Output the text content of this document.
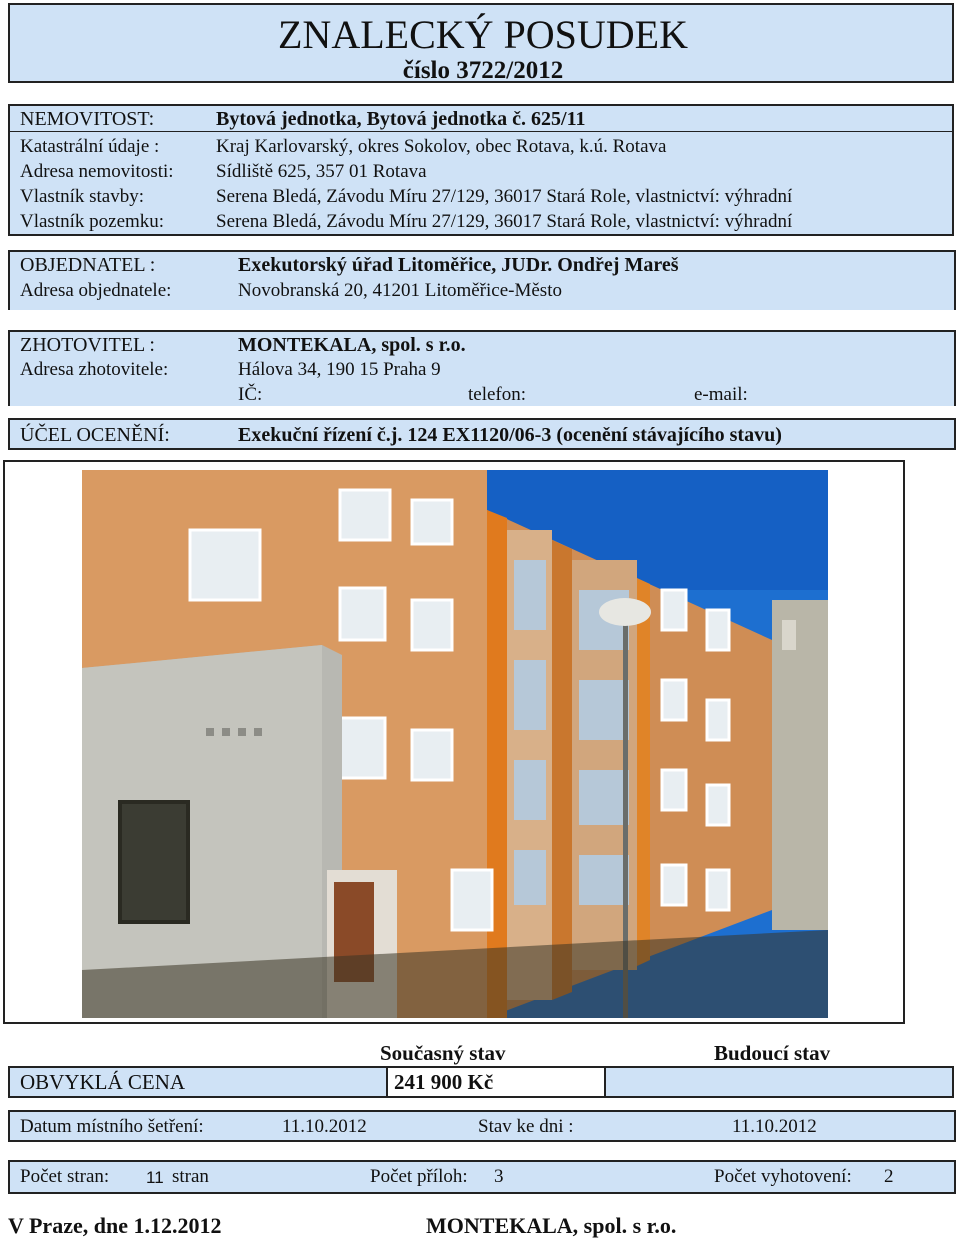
ZNALECKÝ POSUDEK
číslo 3722/2012
NEMOVITOST:	Bytová jednotka, Bytová jednotka č. 625/11
Katastrální údaje :	Kraj Karlovarský, okres Sokolov, obec Rotava, k.ú. Rotava
Adresa nemovitosti: Sídliště 625, 357 01 Rotava
Vlastník stavby:	Serena Bledá, Závodu Míru 27/129, 36017 Stará Role, vlastnictví: výhradní
Vlastník pozemku:	Serena Bledá, Závodu Míru 27/129, 36017 Stará Role, vlastnictví: výhradní
OBJEDNATEL :	Exekutorský úřad Litoměřice, JUDr. Ondřej Mareš
Adresa objednatele:	Novobranská 20, 41201 Litoměřice-Město
ZHOTOVITEL :	MONTEKALA, spol. s r.o.
Adresa zhotovitele:	Hálova 34, 190 15 Praha 9
IČ:	telefon:	e-mail:
ÚČEL OCENĚNÍ:	Exekuční řízení č.j. 124 EX1120/06-3 (ocenění stávajícího stavu)
Současný stav	Budoucí stav
OBVYKLÁ CENA	241 900 Kč
Datum místního šetření:	11.10.2012	Stav ke dni :	11.10.2012
Počet stran: 11 stran	Počet příloh: 3	Počet vyhotovení: 2
V Praze, dne 1.12.2012	MONTEKALA, spol. s r.o.
